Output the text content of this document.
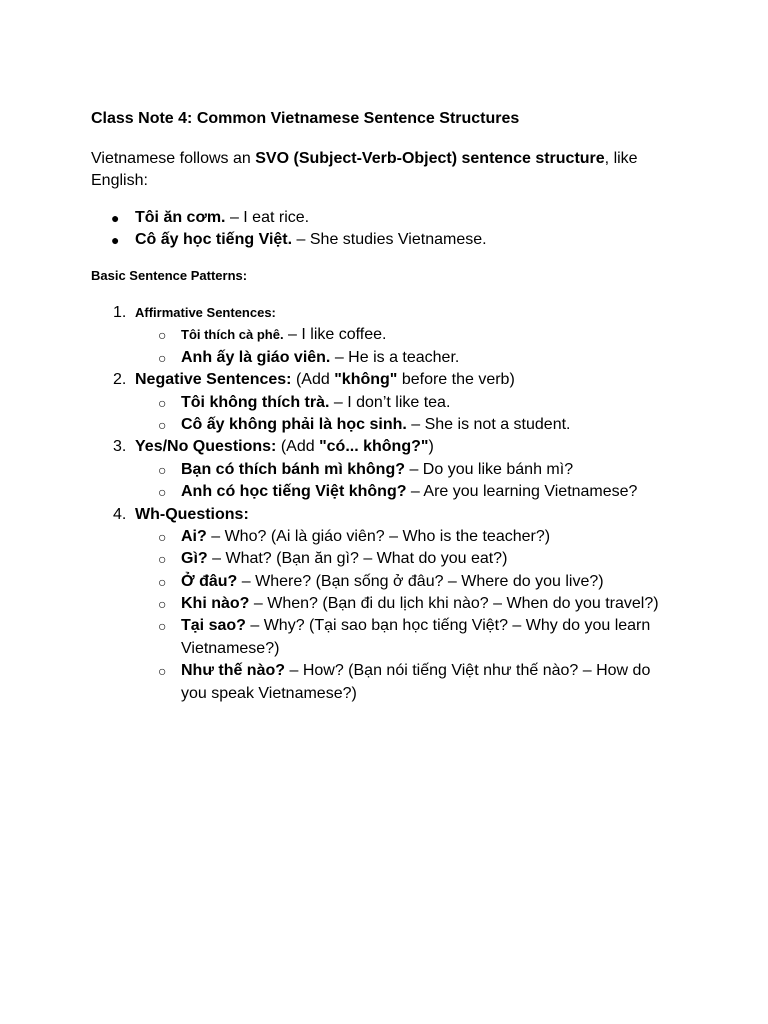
Class Note 4: Common Vietnamese Sentence Structures
Vietnamese follows an SVO (Subject-Verb-Object) sentence structure, like
English:
● Tôi ăn cơm. – I eat rice.
● Cô ấy học tiếng Việt. – She studies Vietnamese.
Basic Sentence Patterns:
1. Affirmative Sentences:
○ Tôi thích cà phê. – I like coffee.
○ Anh ấy là giáo viên. – He is a teacher.
2. Negative Sentences: (Add "không" before the verb)
○ Tôi không thích trà. – I don’t like tea.
○ Cô ấy không phải là học sinh. – She is not a student.
3. Yes/No Questions: (Add "có... không?")
○ Bạn có thích bánh mì không? – Do you like bánh mì?
○ Anh có học tiếng Việt không? – Are you learning Vietnamese?
4. Wh-Questions:
○ Ai? – Who? (Ai là giáo viên? – Who is the teacher?)
○ Gì? – What? (Bạn ăn gì? – What do you eat?)
○ Ở đâu? – Where? (Bạn sống ở đâu? – Where do you live?)
○ Khi nào? – When? (Bạn đi du lịch khi nào? – When do you travel?)
○ Tại sao? – Why? (Tại sao bạn học tiếng Việt? – Why do you learn
Vietnamese?)
○ Như thế nào? – How? (Bạn nói tiếng Việt như thế nào? – How do
you speak Vietnamese?)
